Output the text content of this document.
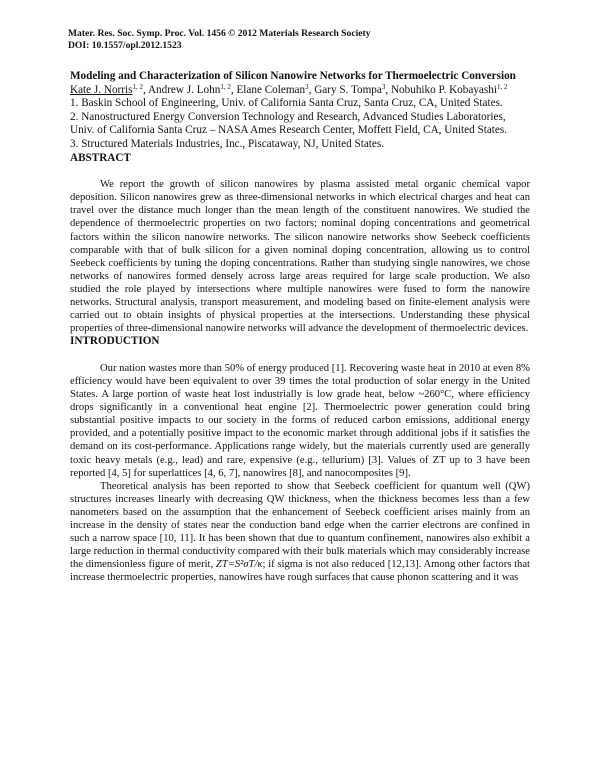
Mater. Res. Soc. Symp. Proc. Vol. 1456 © 2012 Materials Research Society
DOI: 10.1557/opl.2012.1523
Modeling and Characterization of Silicon Nanowire Networks for Thermoelectric Conversion
Kate J. Norris$^{1, 2}$, Andrew J. Lohn$^{1, 2}$, Elane Coleman$^3$, Gary S. Tompa$^3$, Nobuhiko P. Kobayashi$^{1, 2}$
1. Baskin School of Engineering, Univ. of California Santa Cruz, Santa Cruz, CA, United States.
2. Nanostructured Energy Conversion Technology and Research, Advanced Studies Laboratories, Univ. of California Santa Cruz – NASA Ames Research Center, Moffett Field, CA, United States.
3. Structured Materials Industries, Inc., Piscataway, NJ, United States.
ABSTRACT

We report the growth of silicon nanowires by plasma assisted metal organic chemical vapor deposition. Silicon nanowires grew as three-dimensional networks in which electrical charges and heat can travel over the distance much longer than the mean length of the constituent nanowires. We studied the dependence of thermoelectric properties on two factors; nominal doping concentrations and geometrical factors within the silicon nanowire networks. The silicon nanowire networks show Seebeck coefficients comparable with that of bulk silicon for a given nominal doping concentration, allowing us to control Seebeck coefficients by tuning the doping concentrations. Rather than studying single nanowires, we chose networks of nanowires formed densely across large areas required for large scale production. We also studied the role played by intersections where multiple nanowires were fused to form the nanowire networks. Structural analysis, transport measurement, and modeling based on finite-element analysis were carried out to obtain insights of physical properties at the intersections. Understanding these physical properties of three-dimensional nanowire networks will advance the development of thermoelectric devices.

INTRODUCTION

Our nation wastes more than 50% of energy produced [1]. Recovering waste heat in 2010 at even 8% efficiency would have been equivalent to over 39 times the total production of solar energy in the United States. A large portion of waste heat lost industrially is low grade heat, below ~260°C, where efficiency drops significantly in a conventional heat engine [2]. Thermoelectric power generation could bring substantial positive impacts to our society in the forms of reduced carbon emissions, additional energy provided, and a potentially positive impact to the economic market through additional jobs if it satisfies the demand on its cost-performance. Applications range widely, but the materials currently used are generally toxic heavy metals (e.g., lead) and rare, expensive (e.g., tellurium) [3]. Values of ZT up to 3 have been reported [4, 5] for superlattices [4, 6, 7], nanowires [8], and nanocomposites [9].

Theoretical analysis has been reported to show that Seebeck coefficient for quantum well (QW) structures increases linearly with decreasing QW thickness, when the thickness becomes less than a few nanometers based on the assumption that the enhancement of Seebeck coefficient arises mainly from an increase in the density of states near the conduction band edge when the carrier electrons are confined in such a narrow space [10, 11]. It has been shown that due to quantum confinement, nanowires also exhibit a large reduction in thermal conductivity compared with their bulk materials which may considerably increase the dimensionless figure of merit, ZT=S²σT/κ; if sigma is not also reduced [12,13]. Among other factors that increase thermoelectric properties, nanowires have rough surfaces that cause phonon scattering and it was
